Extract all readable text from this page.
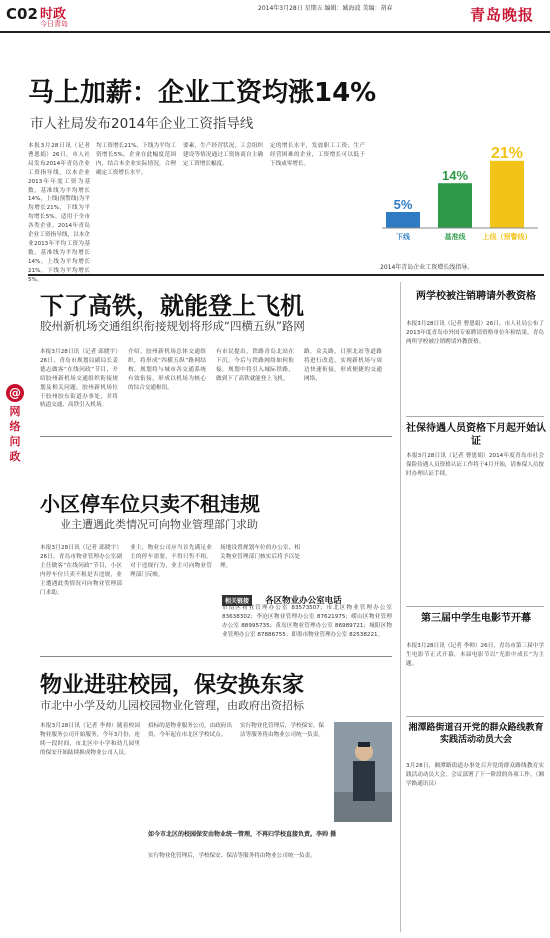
C02 时政
今日青岛
2014年3月28日 星期五 编辑：臧海波 美编：胡春	青岛晚报
马上加薪：企业工资均涨14%
市人社局发布2014年企业工资指导线
本报3月28日讯（记者 曹恩娟）26日，市人社局发布2014年青岛企业工资指导线，以本企业2013年年度工资为基数，基准线为平均增长14%，上线(预警线)为平均增长21%，下线为平均增长5%。适用于全市各类企业。2014年青岛企业工资指导线，以本企业2013年平均工资为基数，基准线为平均增长14%，上线为平均增长21%，下线为平均增长5%。
均工资增长21%，下线为平均工资增长5%。企业在此幅度范围内，结合本企业实际情况，合理确定工资增长水平。
要素，生产经营状况，工会组织建设等情况通过工资协商自主确定工资增长幅度。
定的增长水平，发放职工工资；生产经营困难的企业，工资增长可以低于下线或零增长。
5%
14%
21%
下线	基准线 上线（预警线）
2014年青岛企业工资增长线指导。
下了高铁，就能登上飞机
胶州新机场交通组织衔接规划将形成“四横五纵”路网
本报3月28日讯（记者 邱晓宇）26日，青岛市规划局副局长姜德志做客“在线问政”节目，介绍胶州新机场交通组织衔接规划及相关问题。胶州新机场位于胶州胶东街道办事处，并将轨道交通、高铁引入机场。
介绍，胶州新机场总体交通组织，将形成“四横五纵”路网结构，规划将与城市各交通系统有效衔接，形成以机场为核心的综合交通枢纽。
有市民提出，铁路青岛北站在下沉，今后与铁路网络如何衔接，规划中将引入城际铁路，做到下了高铁就能登上飞机。
路，众关路，日照北站等道路将进行改造，实现新机场与周边快速衔接，形成便捷的交通网络。
@
网
络
问
政
小区停车位只卖不租违规
业主遭遇此类情况可向物业管理部门求助
本报3月28日讯（记者 邱晓宇）26日，青岛市物业管理办公室副主任做客“在线问政”节目，小区内停车位只卖不租是否违规，业主遭遇此类情况可向物业管理部门求助。
业主，物业公司应当首先满足业主的停车需要，不得只售不租。对于违规行为，业主可向物业管理部门反映。
场地设置规划车位的办公室、相关物业管理部门核实后将予以处理。
相关链接 各区物业办公室电话
市南区物业管理办公室 83573507；市北区物业管理办公室 83638302；李沧区物业管理办公室 87621975；崂山区物业管理办公室 88995735；黄岛区物业管理办公室 86989721；城阳区物业管理办公室 87886755；即墨市物业管理办公室 82538221。
物业进驻校园，保安换东家
市北中小学及幼儿园校园物业化管理，由政府出资招标
本报3月28日讯（记者 李帅）随着校园物业服务公司开始服务，今年3月份，连续一段时间，市北区中小学和幼儿园里的保安开始陆续换成物业公司人员。
招标的是物业服务公司，由政府出资，今年起在市北区学校试点。
实行物业化管理后，学校保安、保洁等服务将由物业公司统一负责。
如今市北区的校园保安由物业统一管理，不再归学校直接负责。李帅 摄
实行物业化管理后，学校保安、保洁等服务将由物业公司统一负责。
两学校被注销聘请外教资格
本报3月28日讯（记者 曹恩娟）26日，市人社局公布了2013年度青岛市外国专家聘请资格单位年检结果，青岛两所学校被注销聘请外教资格。
社保待遇人员资格下月起开始认证
本报3月28日讯（记者 曹恩娟）2014年度青岛市社会保险待遇人员资格认证工作将于4月开始，请参保人员按时办理认证手续。
第三届中学生电影节开幕
本报3月28日讯（记者 李帅）26日，青岛市第三届中学生电影节正式开幕，本届电影节以“光影中成长”为主题。
湘潭路街道召开党的群众路线教育实践活动动员大会
3月28日，湘潭路街道办事处召开党的群众路线教育实践活动动员大会，会议部署了下一阶段的各项工作。（湘学路通讯员）
